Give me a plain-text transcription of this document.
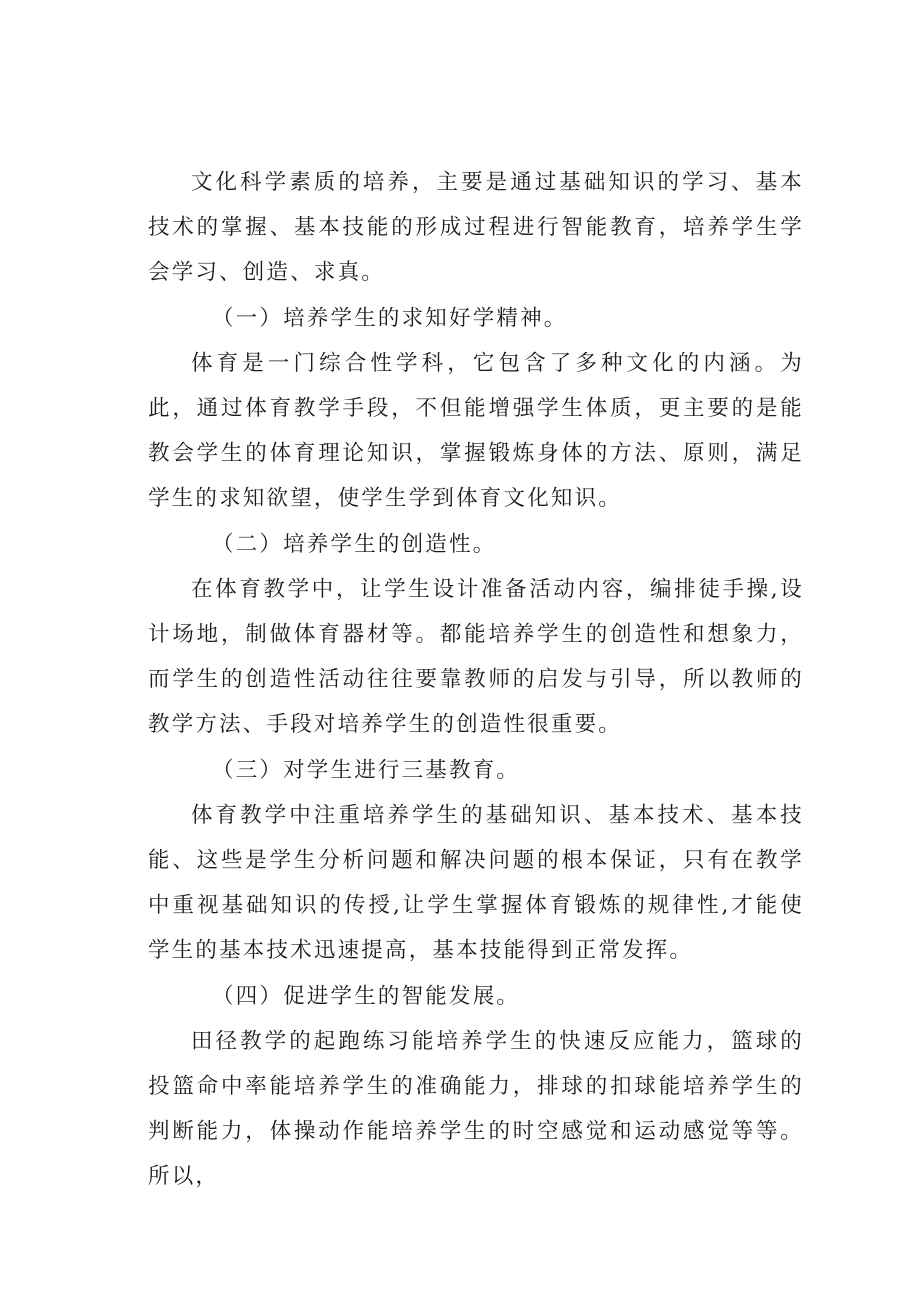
文化科学素质的培养，主要是通过基础知识的学习、基本技术的掌握、基本技能的形成过程进行智能教育，培养学生学会学习、创造、求真。

（一）培养学生的求知好学精神。

体育是一门综合性学科，它包含了多种文化的内涵。为此，通过体育教学手段，不但能增强学生体质，更主要的是能教会学生的体育理论知识，掌握锻炼身体的方法、原则，满足学生的求知欲望，使学生学到体育文化知识。

（二）培养学生的创造性。

在体育教学中，让学生设计准备活动内容，编排徒手操,设计场地，制做体育器材等。都能培养学生的创造性和想象力，而学生的创造性活动往往要靠教师的启发与引导，所以教师的教学方法、手段对培养学生的创造性很重要。

（三）对学生进行三基教育。

体育教学中注重培养学生的基础知识、基本技术、基本技能、这些是学生分析问题和解决问题的根本保证，只有在教学中重视基础知识的传授,让学生掌握体育锻炼的规律性,才能使学生的基本技术迅速提高，基本技能得到正常发挥。

（四）促进学生的智能发展。

田径教学的起跑练习能培养学生的快速反应能力，篮球的投篮命中率能培养学生的准确能力，排球的扣球能培养学生的判断能力，体操动作能培养学生的时空感觉和运动感觉等等。所以，
